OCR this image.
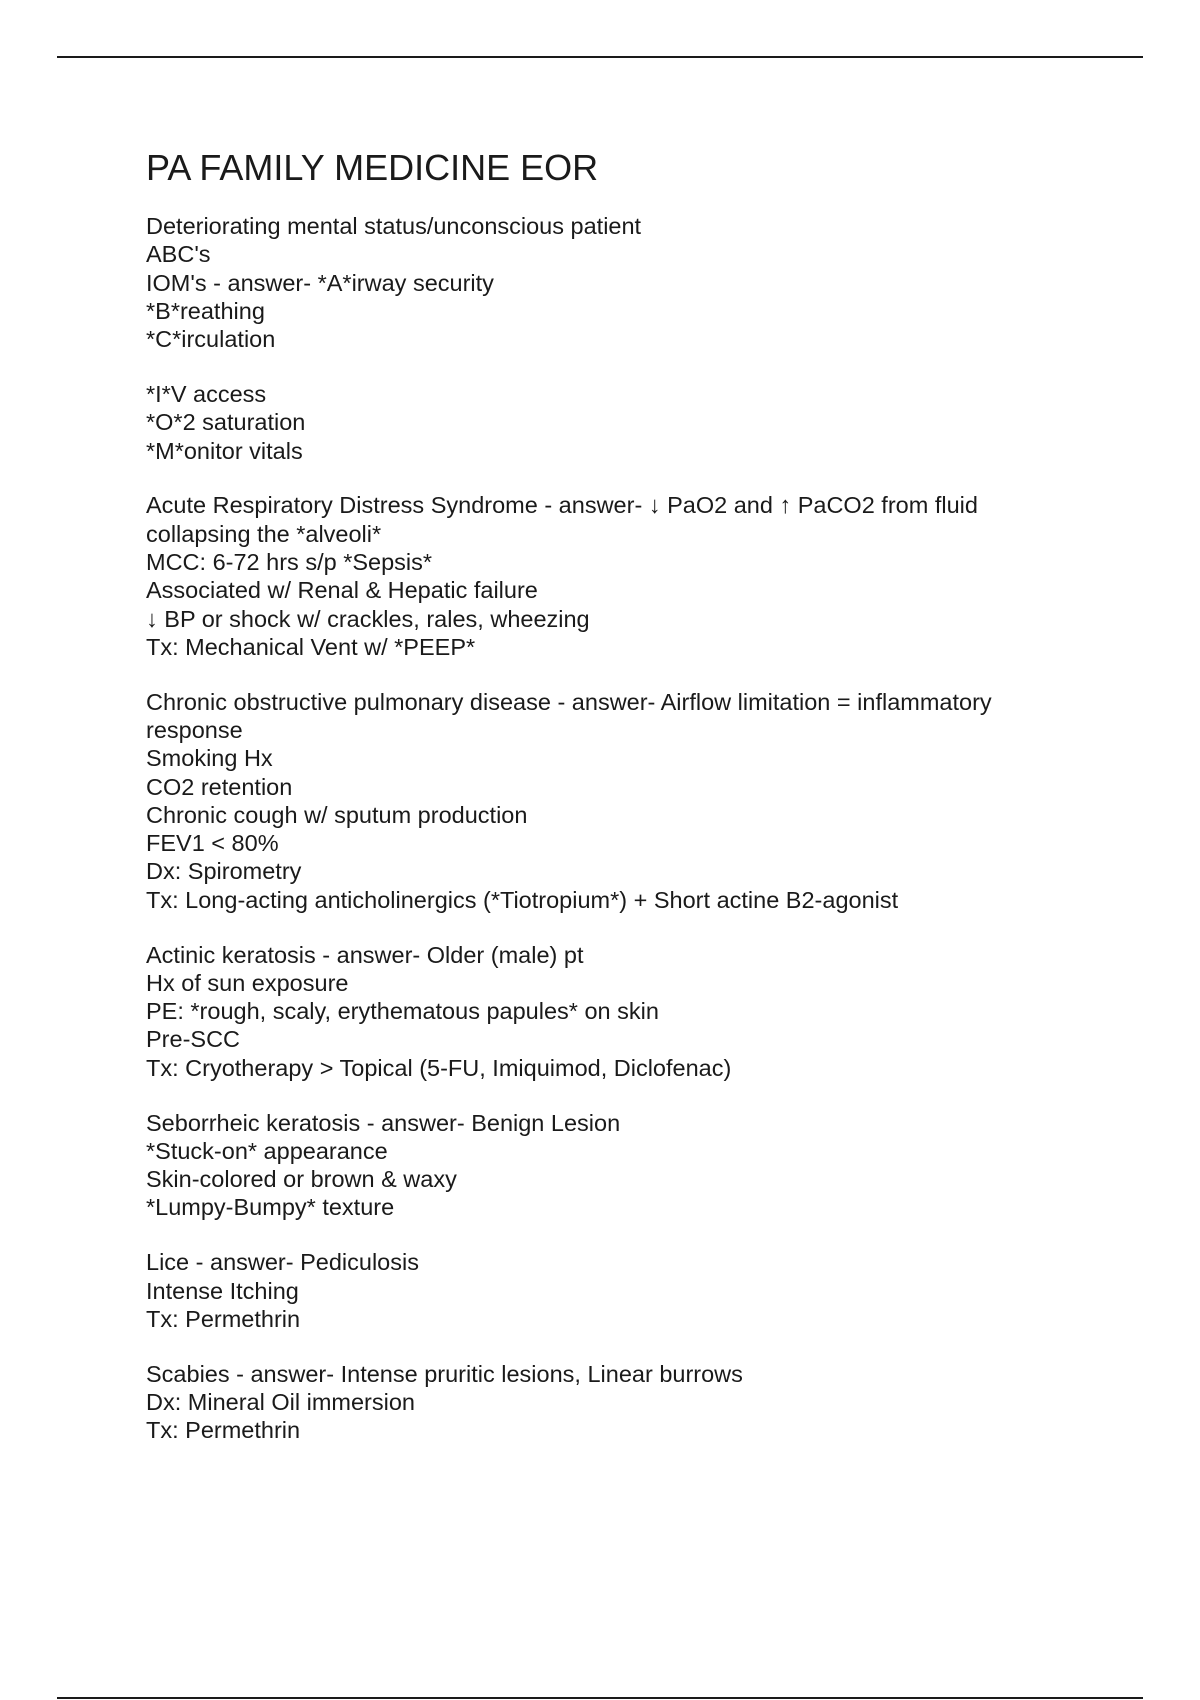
PA FAMILY MEDICINE EOR
Deteriorating mental status/unconscious patient
ABC's
IOM's - answer- *A*irway security
*B*reathing
*C*irculation
*I*V access
*O*2 saturation
*M*onitor vitals
Acute Respiratory Distress Syndrome - answer- ↓ PaO2 and ↑ PaCO2 from fluid
collapsing the *alveoli*
MCC: 6-72 hrs s/p *Sepsis*
Associated w/ Renal & Hepatic failure
↓ BP or shock w/ crackles, rales, wheezing
Tx: Mechanical Vent w/ *PEEP*
Chronic obstructive pulmonary disease - answer- Airflow limitation = inflammatory
response
Smoking Hx
CO2 retention
Chronic cough w/ sputum production
FEV1 < 80%
Dx: Spirometry
Tx: Long-acting anticholinergics (*Tiotropium*) + Short actine B2-agonist
Actinic keratosis - answer- Older (male) pt
Hx of sun exposure
PE: *rough, scaly, erythematous papules* on skin
Pre-SCC
Tx: Cryotherapy > Topical (5-FU, Imiquimod, Diclofenac)
Seborrheic keratosis - answer- Benign Lesion
*Stuck-on* appearance
Skin-colored or brown & waxy
*Lumpy-Bumpy* texture
Lice - answer- Pediculosis
Intense Itching
Tx: Permethrin
Scabies - answer- Intense pruritic lesions, Linear burrows
Dx: Mineral Oil immersion
Tx: Permethrin
